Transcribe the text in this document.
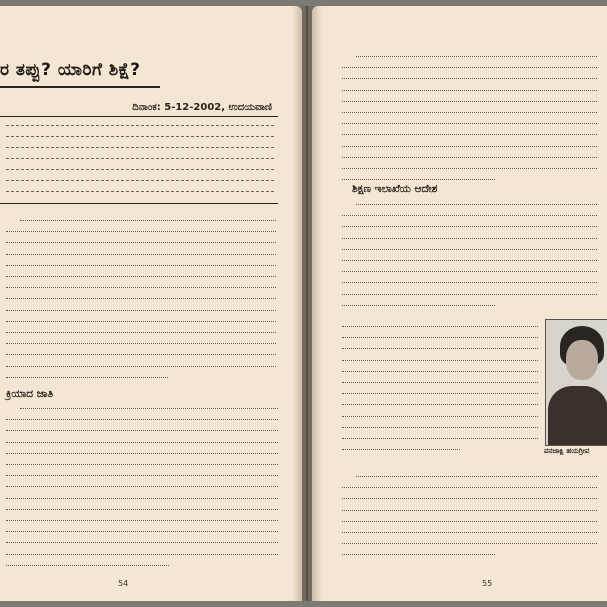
ರ ತಪ್ಪು? ಯಾರಿಗೆ ಶಿಕ್ಷೆ?
ದಿನಾಂಕ: 5-12-2002, ಉದಯವಾಣಿ
ಕ್ರಿಯಾದ ಜಾತಿ
54
ಶಿಕ್ಷಣ ಇಲಾಖೆಯ ಆದೇಶ
ವನಜಾಕ್ಷಿ ಹಯಗ್ರೀವ
55
